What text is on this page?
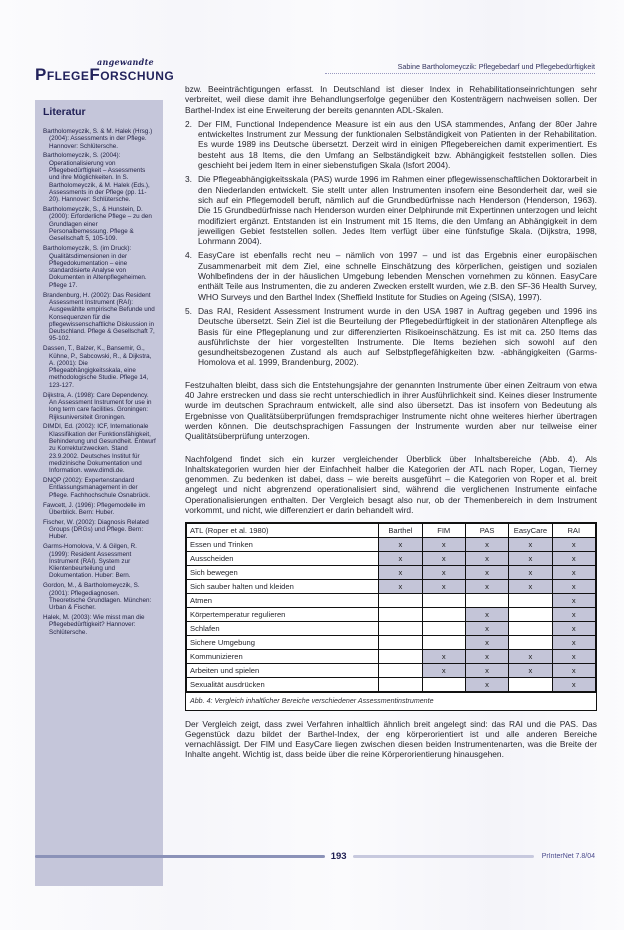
angewandte
PflegeForschung	Sabine Bartholomeyczik: Pflegebedarf und Pflegebedürftigkeit
Literatur

Bartholomeyczik, S. & M. Halek (Hrsg.) (2004): Assessments in der Pflege. Hannover: Schlütersche.

Bartholomeyczik, S. (2004): Operationalisierung von Pflegebedürftigkeit – Assessments und ihre Möglichkeiten. In S. Bartholomeyczik, & M. Halek (Eds.), Assessments in der Pflege (pp. 11-20). Hannover: Schlütersche.

Bartholomeyczik, S., & Hunstein, D. (2000): Erforderliche Pflege – zu den Grundlagen einer Personalbemessung. Pflege & Gesellschaft 5, 105-109.

Bartholomeyczik, S. (im Druck): Qualitätsdimensionen in der Pflegedokumentation – eine standardisierte Analyse von Dokumenten in Altenpflegeheimen. Pflege 17.

Brandenburg, H. (2002): Das Resident Assessment Instrument (RAI): Ausgewählte empirische Befunde und Konsequenzen für die pflegewissenschaftliche Diskussion in Deutschland. Pflege & Gesellschaft 7, 95-102.

Dassen, T., Balzer, K., Bansemir, G., Kühne, P., Sabcowski, R., & Dijkstra, A. (2001): Die Pflegeabhängigkeitsskala, eine methodologische Studie. Pflege 14, 123-127.

Dijkstra, A. (1998): Care Dependency. An Assessment Instrument for use in long term care facilities. Groningen: Rijksuniversiteit Groningen.

DIMDI, Ed. (2002): ICF, Internationale Klassifikation der Funktionsfähigkeit, Behinderung und Gesundheit. Entwurf zu Korrekturzwecken. Stand 23.9.2002. Deutsches Institut für medizinische Dokumentation und Information. www.dimdi.de.

DNQP (2002): Expertenstandard Entlassungsmanagement in der Pflege. Fachhochschule Osnabrück.

Fawcett, J. (1996): Pflegemodelle im Überblick. Bern: Huber.

Fischer, W. (2002): Diagnosis Related Groups (DRGs) und Pflege. Bern: Huber.

Garms-Homolova, V. & Gilgen, R. (1999): Resident Assessment Instrument (RAI). System zur Klientenbeurteilung und Dokumentation. Huber: Bern.

Gordon, M., & Bartholomeyczik, S. (2001): Pflegediagnosen. Theoretische Grundlagen. München: Urban & Fischer.

Halek, M. (2003): Wie misst man die Pflegebedürftigkeit? Hannover: Schlütersche.

bzw. Beeinträchtigungen erfasst. In Deutschland ist dieser Index in Rehabilitationseinrichtungen sehr verbreitet, weil diese damit ihre Behandlungserfolge gegenüber den Kostenträgern nachweisen sollen. Der Barthel-Index ist eine Erweiterung der bereits genannten ADL-Skalen.
2. Der FIM, Functional Independence Measure ist ein aus den USA stammendes, Anfang der 80er Jahre entwickeltes Instrument zur Messung der funktionalen Selbständigkeit von Patienten in der Rehabilitation. Es wurde 1989 ins Deutsche übersetzt. Derzeit wird in einigen Pflegebereichen damit experimentiert. Es besteht aus 18 Items, die den Umfang an Selbständigkeit bzw. Abhängigkeit feststellen sollen. Dies geschieht bei jedem Item in einer siebenstufigen Skala (Isfort 2004).
3. Die Pflegeabhängigkeitsskala (PAS) wurde 1996 im Rahmen einer pflegewissenschaftlichen Doktorarbeit in den Niederlanden entwickelt. Sie stellt unter allen Instrumenten insofern eine Besonderheit dar, weil sie sich auf ein Pflegemodell beruft, nämlich auf die Grundbedürfnisse nach Henderson (Henderson, 1963). Die 15 Grundbedürfnisse nach Henderson wurden einer Delphirunde mit Expertinnen unterzogen und leicht modifiziert ergänzt. Entstanden ist ein Instrument mit 15 Items, die den Umfang an Abhängigkeit in dem jeweiligen Gebiet feststellen sollen. Jedes Item verfügt über eine fünfstufige Skala. (Dijkstra, 1998, Lohrmann 2004).
4. EasyCare ist ebenfalls recht neu – nämlich von 1997 – und ist das Ergebnis einer europäischen Zusammenarbeit mit dem Ziel, eine schnelle Einschätzung des körperlichen, geistigen und sozialen Wohlbefindens der in der häuslichen Umgebung lebenden Menschen vornehmen zu können. EasyCare enthält Teile aus Instrumenten, die zu anderen Zwecken erstellt wurden, wie z.B. den SF-36 Health Survey, WHO Surveys und den Barthel Index (Sheffield Institute for Studies on Ageing (SISA), 1997).
5. Das RAI, Resident Assessment Instrument wurde in den USA 1987 in Auftrag gegeben und 1996 ins Deutsche übersetzt. Sein Ziel ist die Beurteilung der Pflegebedürftigkeit in der stationären Altenpflege als Basis für eine Pflegeplanung und zur differenzierten Risikoeinschätzung. Es ist mit ca. 250 Items das ausführlichste der hier vorgestellten Instrumente. Die Items beziehen sich sowohl auf den gesundheitsbezogenen Zustand als auch auf Selbstpflegefähigkeiten bzw. -abhängigkeiten (Garms-Homolova et al. 1999, Brandenburg, 2002).
Festzuhalten bleibt, dass sich die Entstehungsjahre der genannten Instrumente über einen Zeitraum von etwa 40 Jahre erstrecken und dass sie recht unterschiedlich in ihrer Ausführlichkeit sind. Keines dieser Instrumente wurde im deutschen Sprachraum entwickelt, alle sind also übersetzt. Das ist insofern von Bedeutung als Ergebnisse von Qualitätsüberprüfungen fremdsprachiger Instrumente nicht ohne weiteres hierher übertragen werden können. Die deutschsprachigen Fassungen der Instrumente wurden aber nur teilweise einer Qualitätsüberprüfung unterzogen.
Nachfolgend findet sich ein kurzer vergleichender Überblick über Inhaltsbereiche (Abb. 4). Als Inhaltskategorien wurden hier der Einfachheit halber die Kategorien der ATL nach Roper, Logan, Tierney genommen. Zu bedenken ist dabei, dass – wie bereits ausgeführt – die Kategorien von Roper et al. breit angelegt und nicht abgrenzend operationalisiert sind, während die verglichenen Instrumente einfache Operationalisierungen enthalten. Der Vergleich besagt also nur, ob der Themenbereich in dem Instrument vorkommt, und nicht, wie differenziert er darin behandelt wird.
ATL (Roper et al. 1980)	Barthel	FIM	PAS	EasyCare	RAI
Essen und Trinken	x	x	x	x	x
Ausscheiden	x	x	x	x	x
Sich bewegen	x	x	x	x	x
Sich sauber halten und kleiden	x	x	x	x	x
Atmen					x
Körpertemperatur regulieren			x		x
Schlafen			x		x
Sichere Umgebung			x		x
Kommunizieren		x	x	x	x
Arbeiten und spielen		x	x	x	x
Sexualität ausdrücken			x		x
Abb. 4: Vergleich inhaltlicher Bereiche verschiedener Assessmentinstrumente
Der Vergleich zeigt, dass zwei Verfahren inhaltlich ähnlich breit angelegt sind: das RAI und die PAS. Das Gegenstück dazu bildet der Barthel-Index, der eng körperorientiert ist und alle anderen Bereiche vernachlässigt. Der FIM und EasyCare liegen zwischen diesen beiden Instrumentenarten, was die Breite der Inhalte angeht. Wichtig ist, dass beide über die reine Körperorientierung hinausgehen.
193	PrInterNet 7.8/04
